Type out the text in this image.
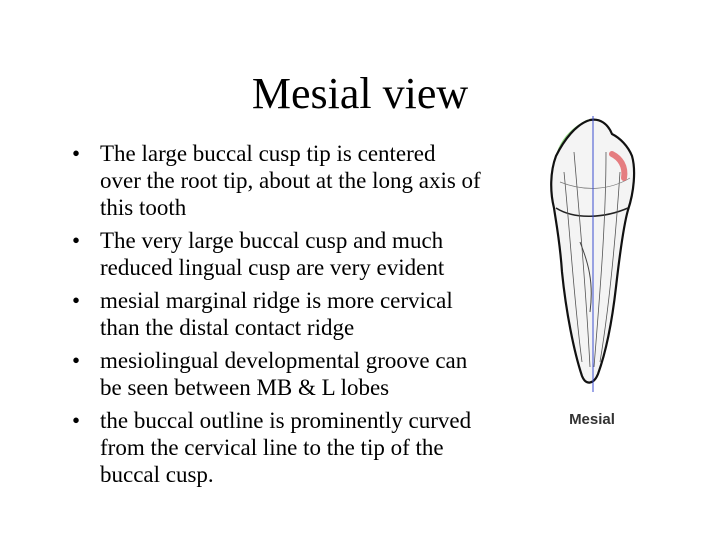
Mesial view
• The large buccal cusp tip is centered over the root tip, about at the long axis of this tooth
• The very large buccal cusp and much reduced lingual cusp are very evident
• mesial marginal ridge is more cervical than the distal contact ridge
• mesiolingual developmental groove can be seen between MB & L lobes
• the buccal outline is prominently curved from the cervical line to the tip of the buccal cusp.
Mesial
